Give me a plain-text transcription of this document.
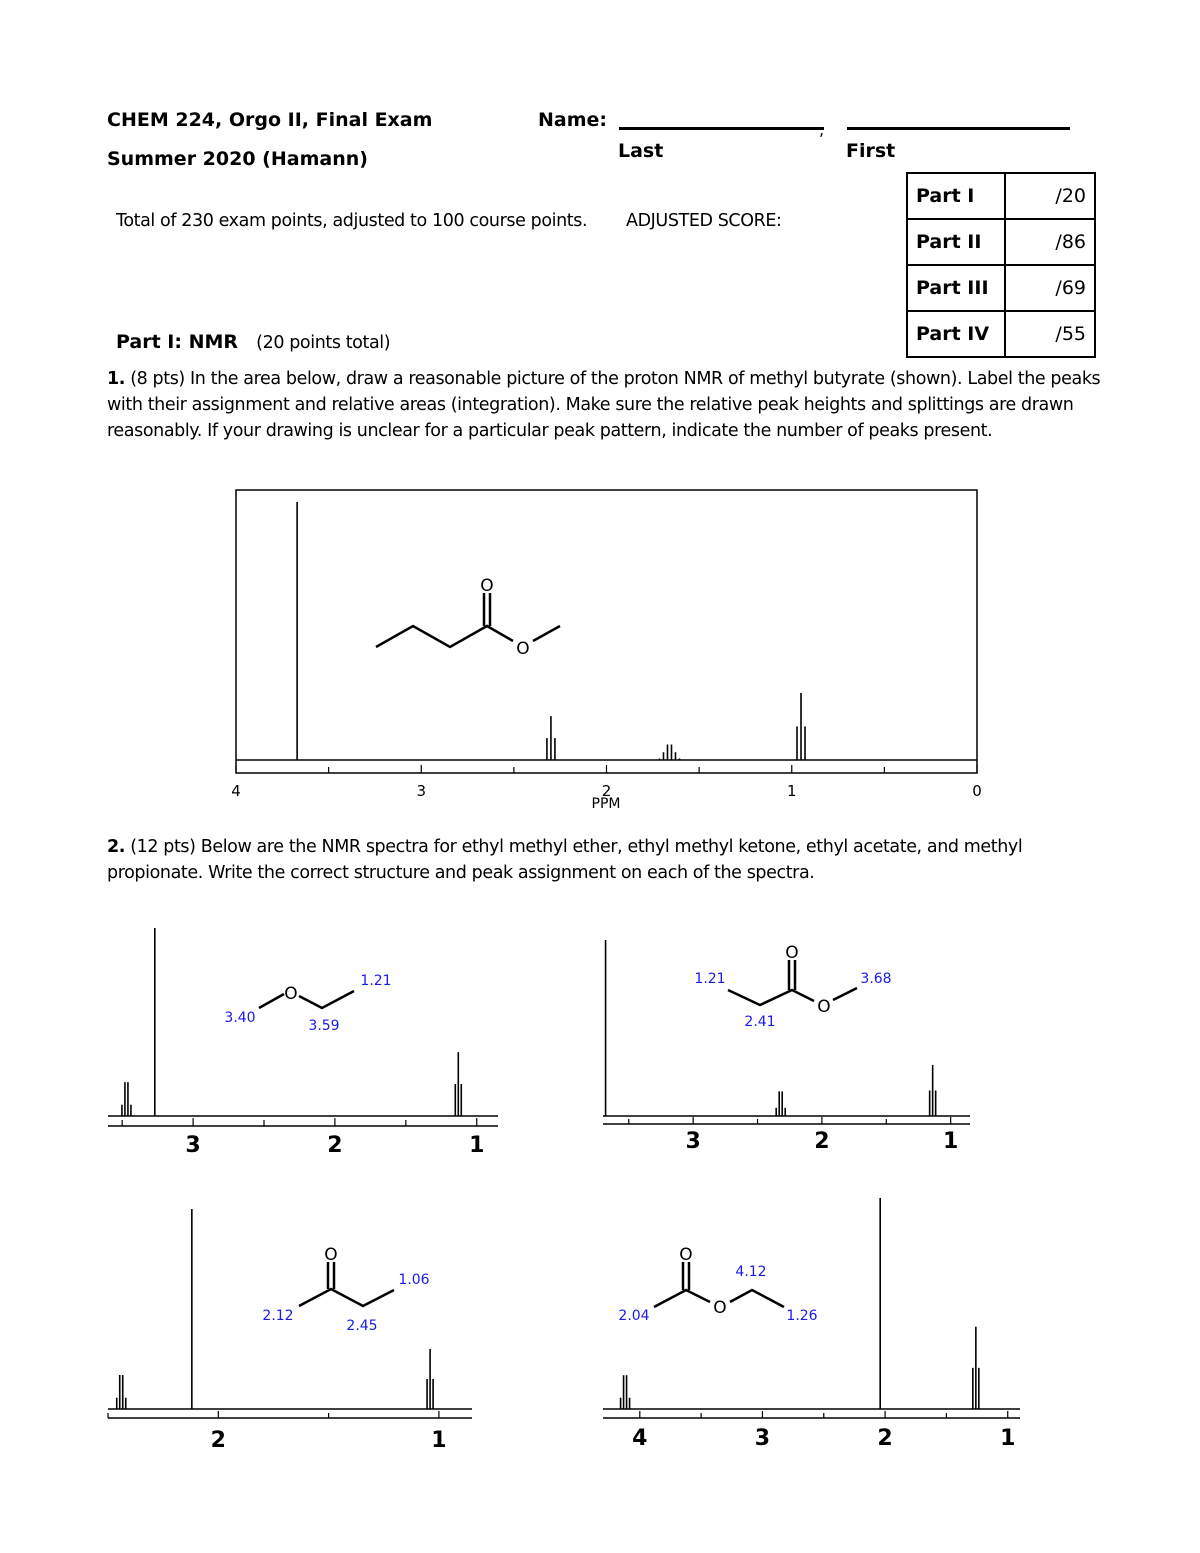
CHEM 224, Orgo II, Final Exam
Summer 2020 (Hamann)
Name:	,
Last	First
Part I	/20
Part II	/86
Part III	/69
Part IV	/55
Total of 230 exam points, adjusted to 100 course points. ADJUSTED SCORE:
Part I: NMR (20 points total)
1. (8 pts) In the area below, draw a reasonable picture of the proton NMR of methyl butyrate (shown). Label the peaks with their assignment and relative areas (integration). Make sure the relative peak heights and splittings are drawn reasonably. If your drawing is unclear for a particular peak pattern, indicate the number of peaks present.
2. (12 pts) Below are the NMR spectra for ethyl methyl ether, ethyl methyl ketone, ethyl acetate, and methyl propionate. Write the correct structure and peak assignment on each of the spectra.
4	3	2	1	0
PPM
O
O
3	2	1
O
1.21
3.40	3.59
3	2	1
O
O
1.21
2.41
3.68
2	1
O
1.06
2.12
2.45
4	3	2	1
O
O
4.12
2.04	1.26
